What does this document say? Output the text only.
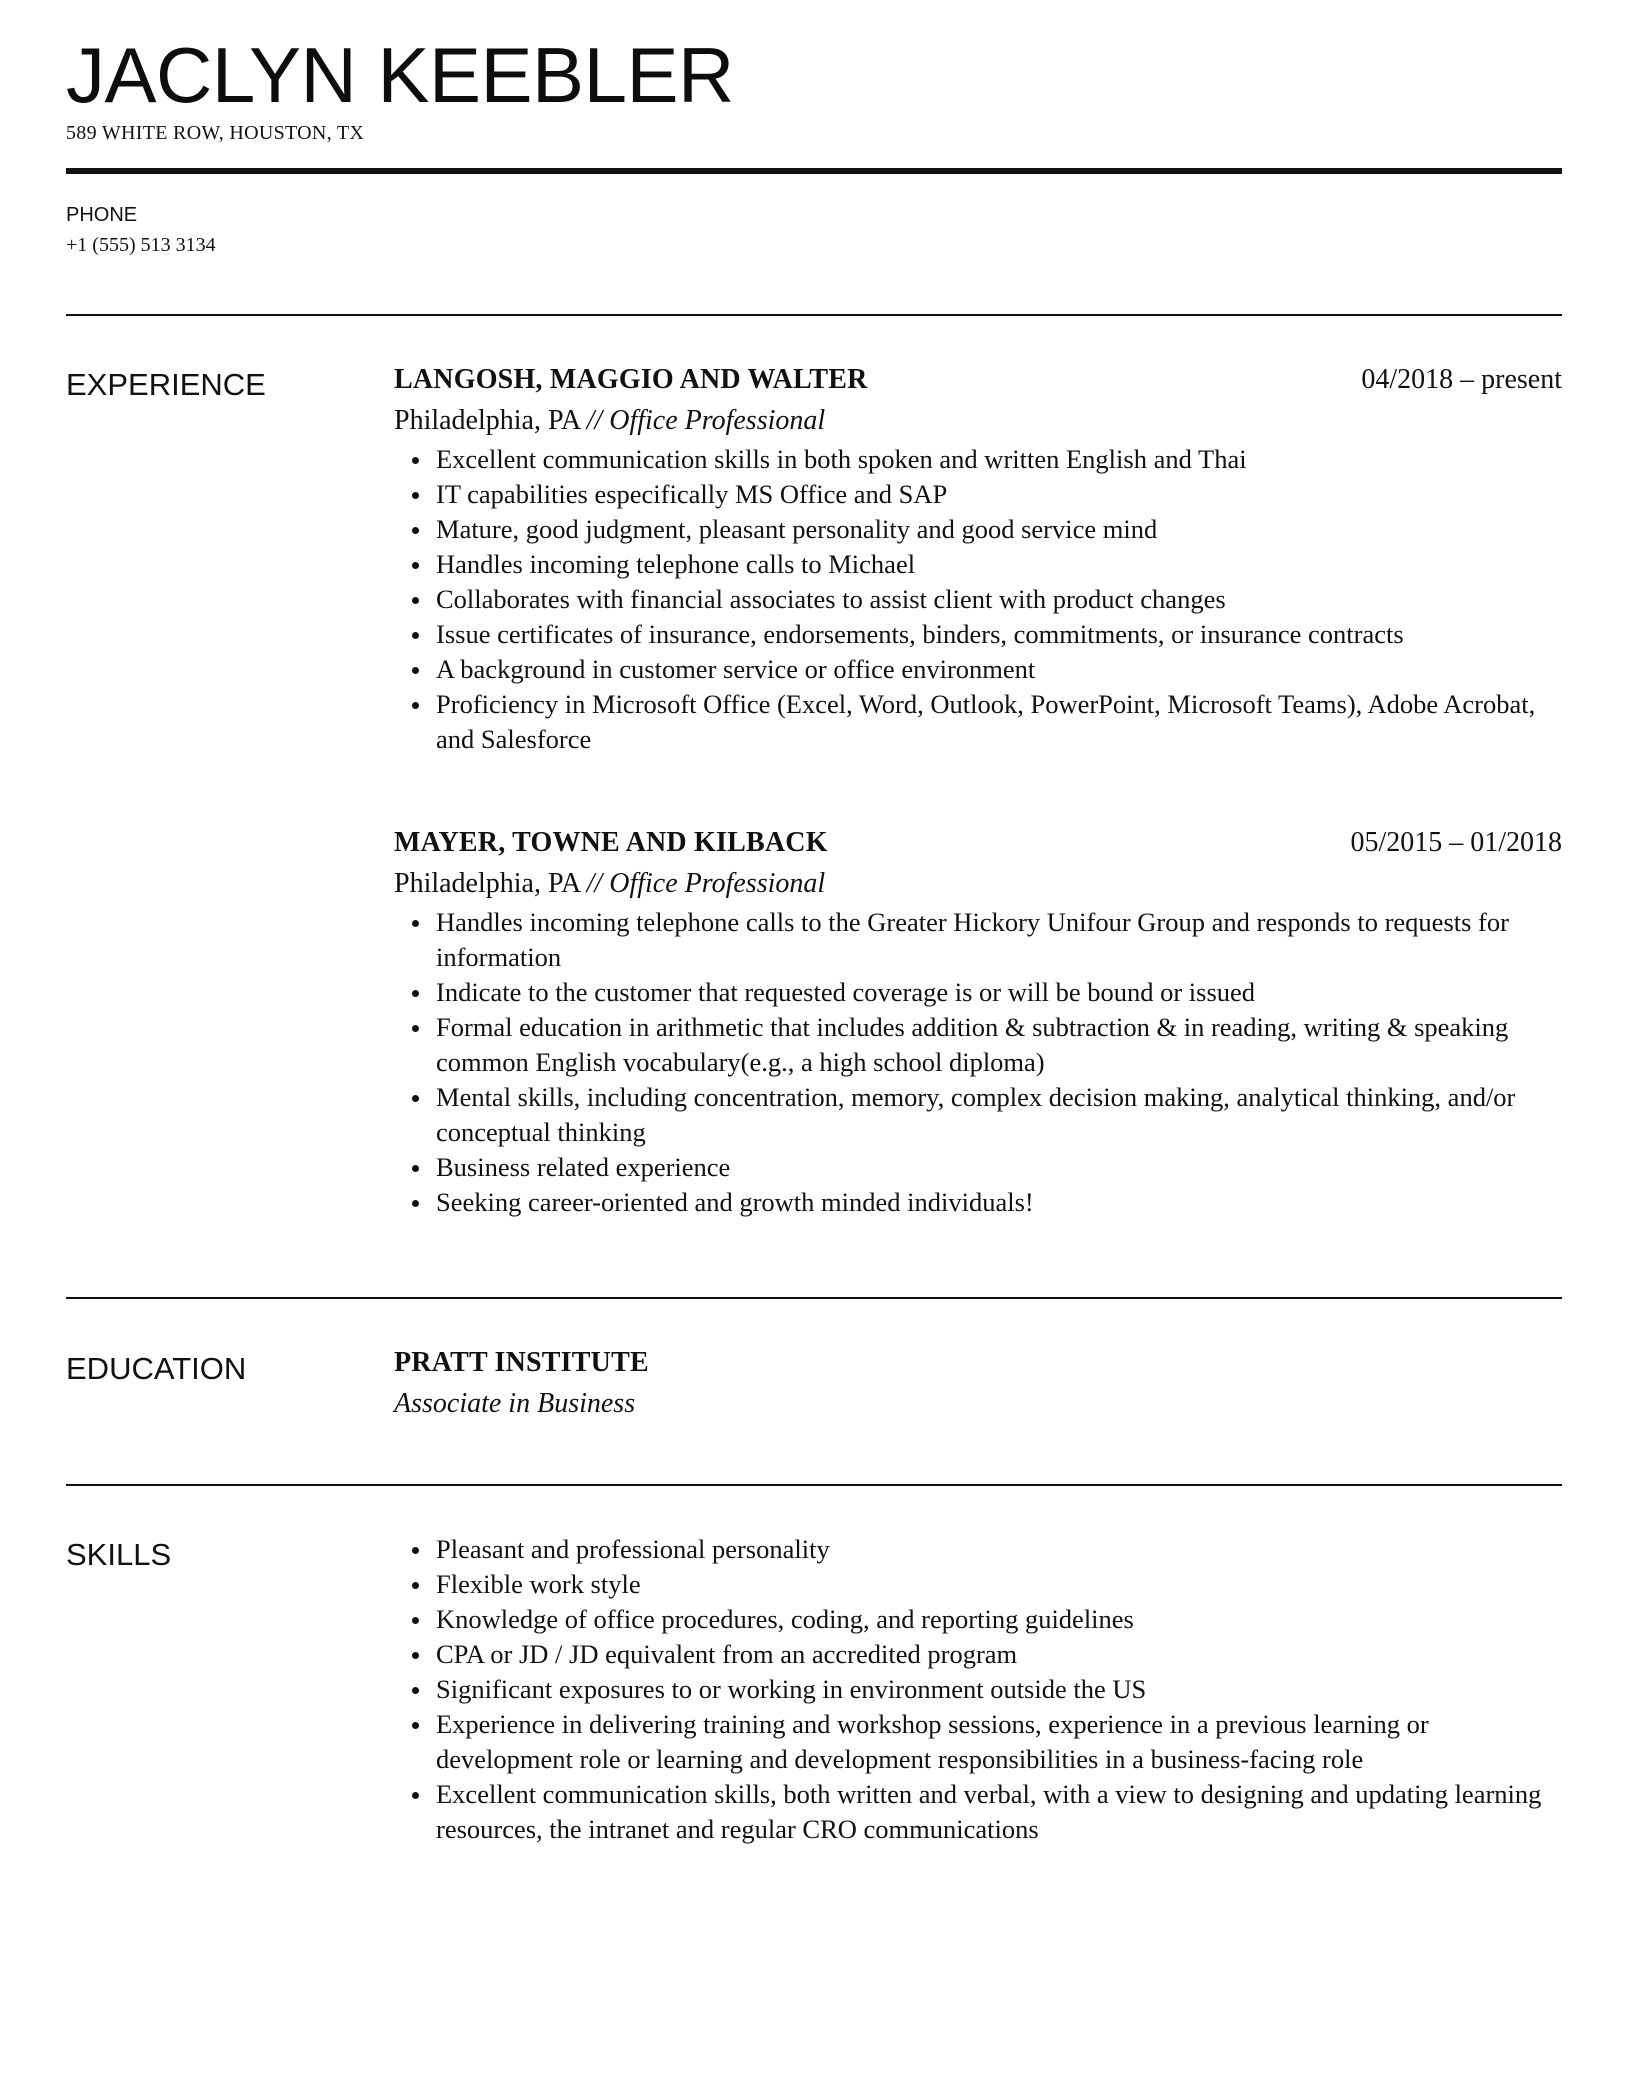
JACLYN KEEBLER
589 WHITE ROW, HOUSTON, TX
PHONE
+1 (555) 513 3134
EXPERIENCE	LANGOSH, MAGGIO AND WALTER	04/2018 – present
Philadelphia, PA // Office Professional
Excellent communication skills in both spoken and written English and Thai
IT capabilities especifically MS Office and SAP
Mature, good judgment, pleasant personality and good service mind
Handles incoming telephone calls to Michael
Collaborates with financial associates to assist client with product changes
Issue certificates of insurance, endorsements, binders, commitments, or insurance contracts
A background in customer service or office environment
Proficiency in Microsoft Office (Excel, Word, Outlook, PowerPoint, Microsoft Teams), Adobe Acrobat, and Salesforce
MAYER, TOWNE AND KILBACK	05/2015 – 01/2018
Philadelphia, PA // Office Professional
Handles incoming telephone calls to the Greater Hickory Unifour Group and responds to requests for information
Indicate to the customer that requested coverage is or will be bound or issued
Formal education in arithmetic that includes addition & subtraction & in reading, writing & speaking common English vocabulary(e.g., a high school diploma)
Mental skills, including concentration, memory, complex decision making, analytical thinking, and/or conceptual thinking
Business related experience
Seeking career-oriented and growth minded individuals!
EDUCATION	PRATT INSTITUTE
Associate in Business
SKILLS	Pleasant and professional personality
Flexible work style
Knowledge of office procedures, coding, and reporting guidelines
CPA or JD / JD equivalent from an accredited program
Significant exposures to or working in environment outside the US
Experience in delivering training and workshop sessions, experience in a previous learning or development role or learning and development responsibilities in a business-facing role
Excellent communication skills, both written and verbal, with a view to designing and updating learning resources, the intranet and regular CRO communications
